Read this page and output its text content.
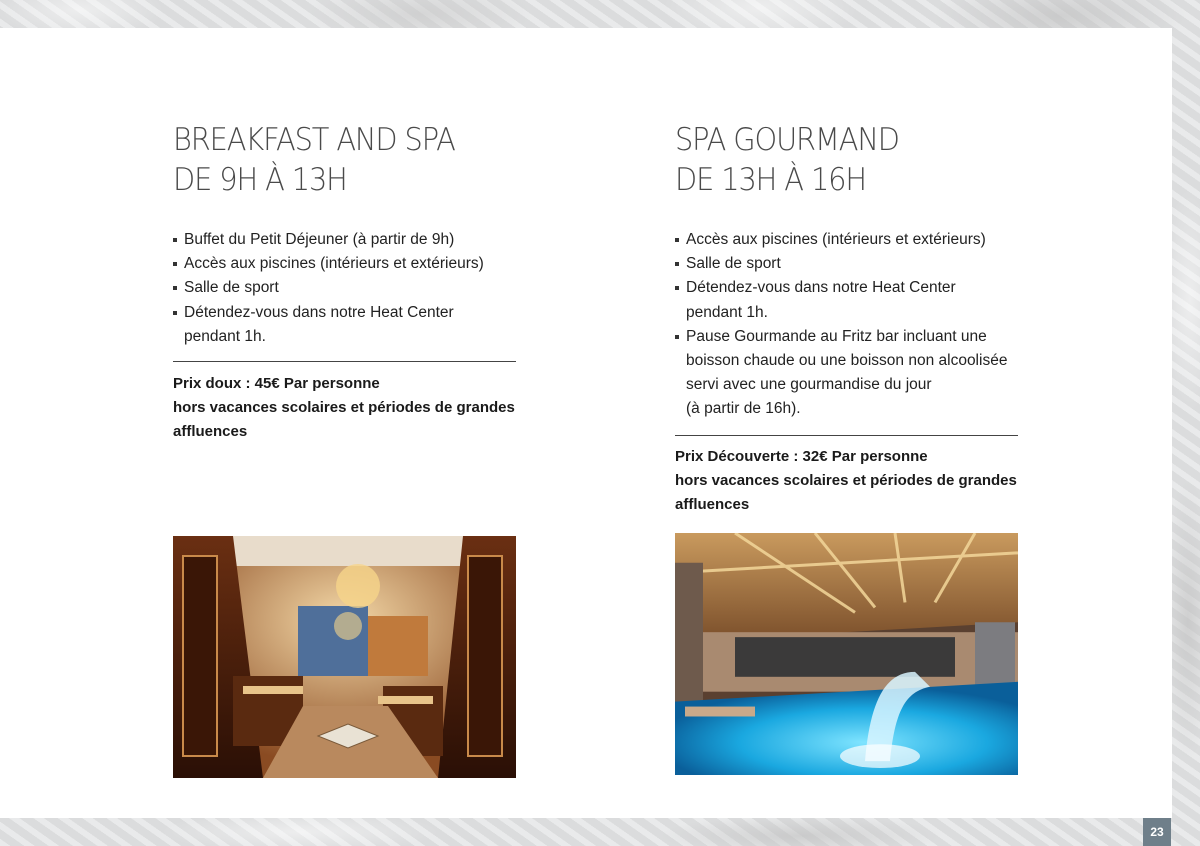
BREAKFAST AND SPA
DE 9H À 13H
Buffet du Petit Déjeuner (à partir de 9h)
Accès aux piscines (intérieurs et extérieurs)
Salle de sport
Détendez-vous dans notre Heat Center
pendant 1h.
Prix doux : 45€ Par personne
hors vacances scolaires et périodes de grandes
affluences
SPA GOURMAND
DE 13H À 16H
Accès aux piscines (intérieurs et extérieurs)
Salle de sport
Détendez-vous dans notre Heat Center
pendant 1h.
Pause Gourmande au Fritz bar incluant une
boisson chaude ou une boisson non alcoolisée
servi avec une gourmandise du jour
(à partir de 16h).
Prix Découverte : 32€ Par personne
hors vacances scolaires et périodes de grandes
affluences
23
